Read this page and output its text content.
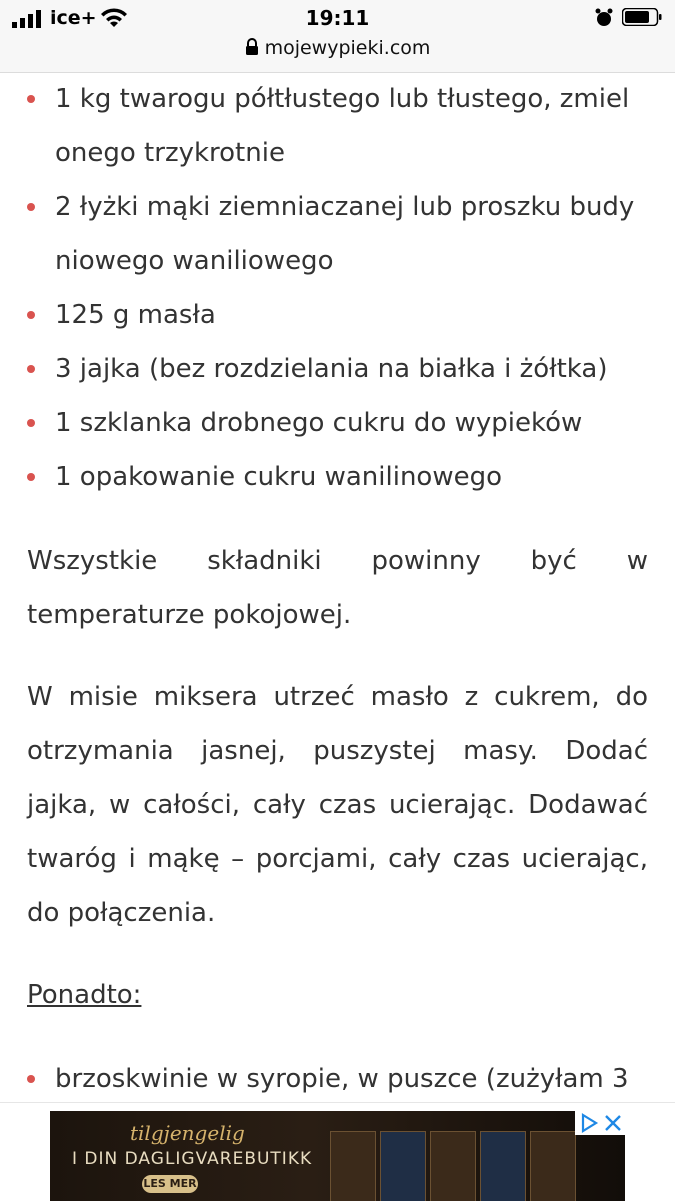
ice+	19:11
mojewypieki.com
1 kg twarogu półtłustego lub tłustego, zmiel
onego trzykrotnie
2 łyżki mąki ziemniaczanej lub proszku budy
niowego waniliowego
125 g masła
3 jajka (bez rozdzielania na białka i żółtka)
1 szklanka drobnego cukru do wypieków
1 opakowanie cukru wanilinowego

Wszystkie składniki powinny być w temperaturze pokojowej.

W misie miksera utrzeć masło z cukrem, do otrzymania jasnej, puszystej masy. Dodać jajka, w całości, cały czas ucierając. Dodawać twaróg i mąkę – porcjami, cały czas ucierając, do połączenia.

Ponadto:
brzoskwinie w syropie, w puszce (zużyłam 3
tilgjengelig
I DIN DAGLIGVAREBUTIKK
LES MER
